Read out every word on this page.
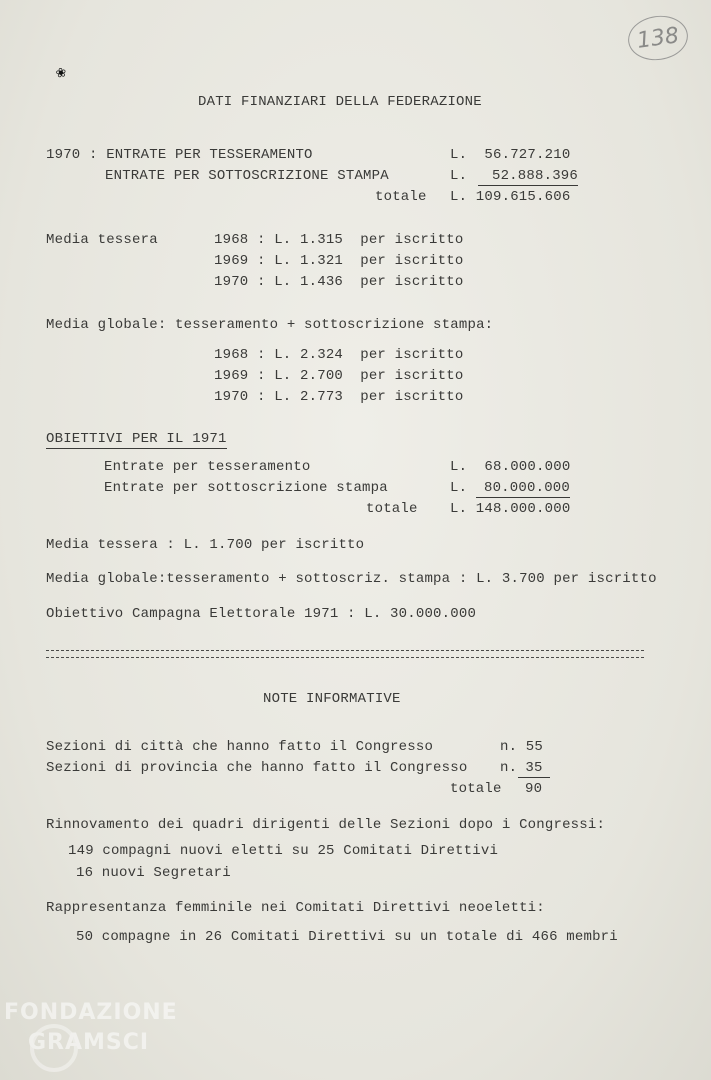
138
❀
DATI FINANZIARI DELLA FEDERAZIONE
1970 : ENTRATE PER TESSERAMENTO	L.  56.727.210
ENTRATE PER SOTTOSCRIZIONE STAMPA	L.	52.888.396
totale L. 109.615.606
Media tessera	1968 : L. 1.315  per iscritto
1969 : L. 1.321  per iscritto
1970 : L. 1.436  per iscritto
Media globale: tesseramento + sottoscrizione stampa:
1968 : L. 2.324  per iscritto
1969 : L. 2.700  per iscritto
1970 : L. 2.773  per iscritto
OBIETTIVI PER IL 1971
Entrate per tesseramento	L.  68.000.000
Entrate per sottoscrizione stampa	L.	80.000.000
totale L. 148.000.000
Media tessera : L. 1.700 per iscritto
Media globale:tesseramento + sottoscriz. stampa : L. 3.700 per iscritto
Obiettivo Campagna Elettorale 1971 : L. 30.000.000
NOTE INFORMATIVE
Sezioni di città che hanno fatto il Congresso	n. 55
Sezioni di provincia che hanno fatto il Congresso n. 35
totale 90
Rinnovamento dei quadri dirigenti delle Sezioni dopo i Congressi:
149 compagni nuovi eletti su 25 Comitati Direttivi
16 nuovi Segretari
Rappresentanza femminile nei Comitati Direttivi neoeletti:
50 compagne in 26 Comitati Direttivi su un totale di 466 membri
FONDAZIONE
GRAMSCI
